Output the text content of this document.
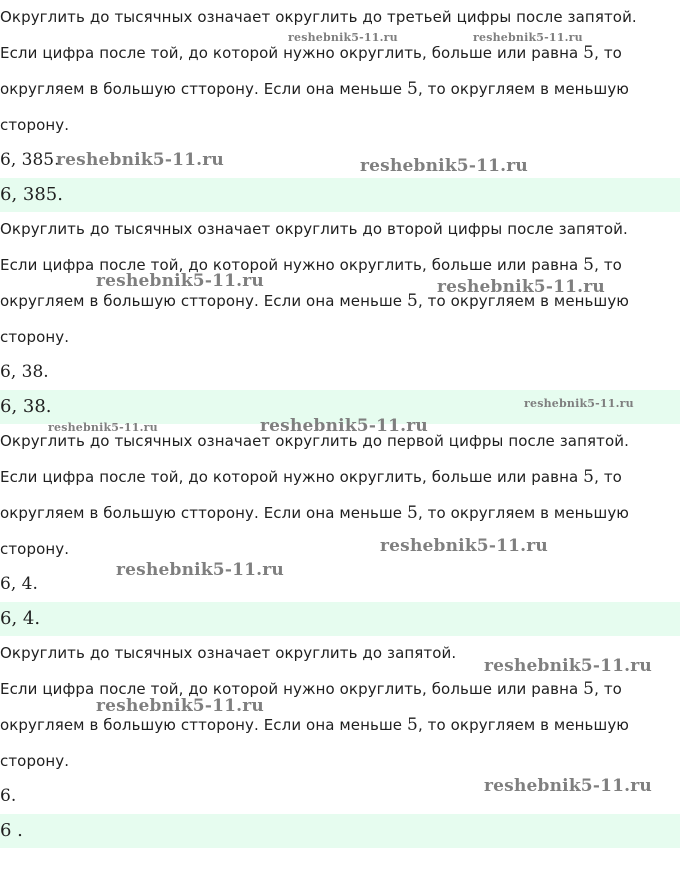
Округлить до тысячных означает округлить до третьей цифры после запятой.
Если цифра после той, до которой нужно округлить, больше или равна 5, то
округляем в большую стторону. Если она меньше 5, то округляем в меньшую
сторону.
6, 385.
6, 385.
Округлить до тысячных означает округлить до второй цифры после запятой.
Если цифра после той, до которой нужно округлить, больше или равна 5, то
округляем в большую стторону. Если она меньше 5, то округляем в меньшую
сторону.
6, 38.
6, 38.
Округлить до тысячных означает округлить до первой цифры после запятой.
Если цифра после той, до которой нужно округлить, больше или равна 5, то
округляем в большую стторону. Если она меньше 5, то округляем в меньшую
сторону.
6, 4.
6, 4.
Округлить до тысячных означает округлить до запятой.
Если цифра после той, до которой нужно округлить, больше или равна 5, то
округляем в большую стторону. Если она меньше 5, то округляем в меньшую
сторону.
6.
6 .
reshebnik5-11.ru	reshebnik5-11.ru
reshebnik5-11.ru	reshebnik5-11.ru
reshebnik5-11.ru	reshebnik5-11.ru
reshebnik5-11.ru
reshebnik5-11.ru	reshebnik5-11.ru
reshebnik5-11.ru
reshebnik5-11.ru
reshebnik5-11.ru
reshebnik5-11.ru
reshebnik5-11.ru
